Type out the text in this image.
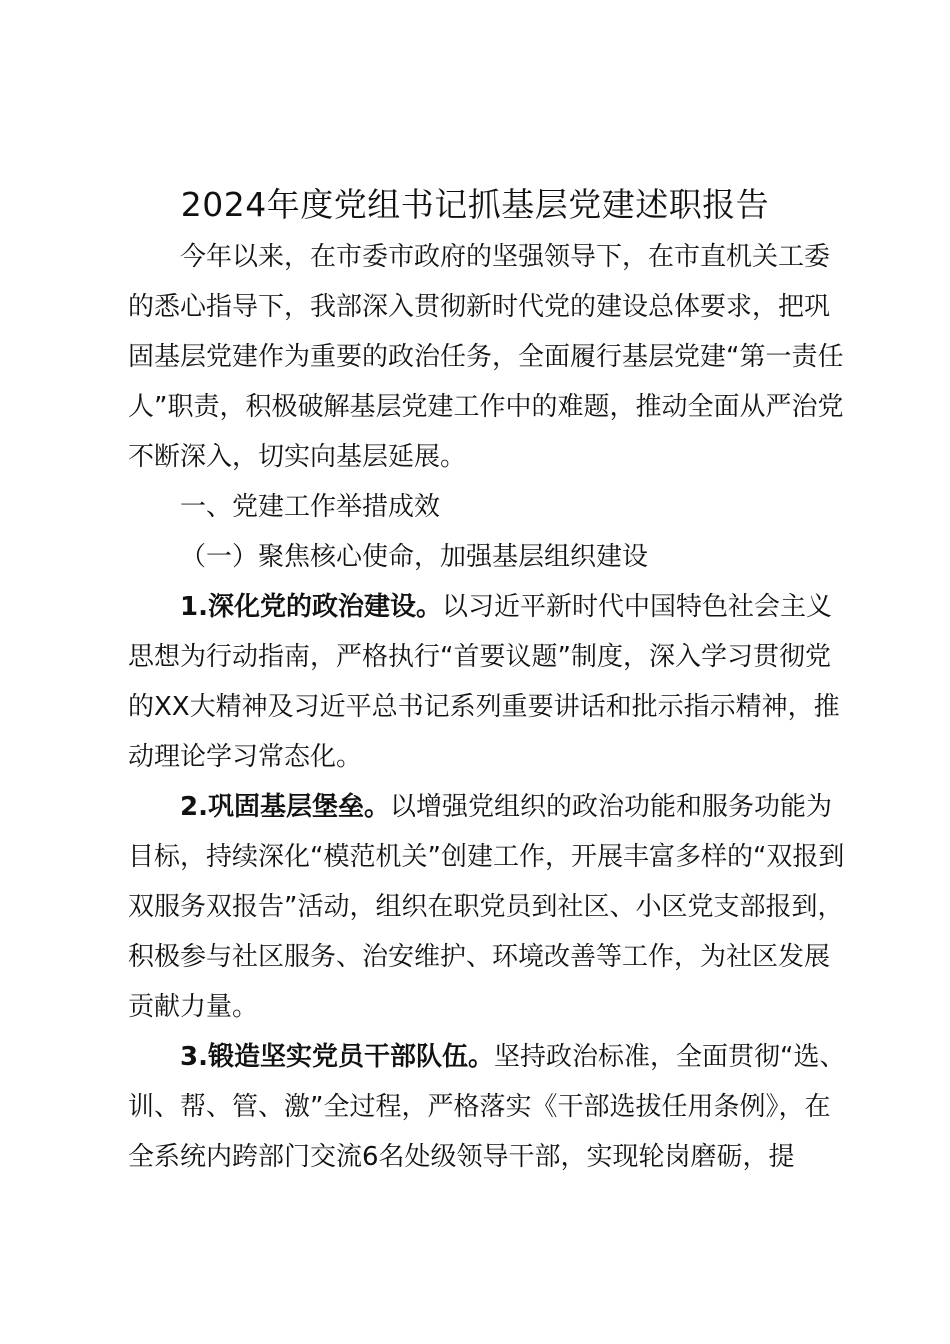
2024年度党组书记抓基层党建述职报告

今年以来，在市委市政府的坚强领导下，在市直机关工委的悉心指导下，我部深入贯彻新时代党的建设总体要求，把巩固基层党建作为重要的政治任务，全面履行基层党建“第一责任人”职责，积极破解基层党建工作中的难题，推动全面从严治党不断深入，切实向基层延展。

一、党建工作举措成效

（一）聚焦核心使命，加强基层组织建设

1.深化党的政治建设。以习近平新时代中国特色社会主义思想为行动指南，严格执行“首要议题”制度，深入学习贯彻党的XX大精神及习近平总书记系列重要讲话和批示指示精神，推动理论学习常态化。

2.巩固基层堡垒。以增强党组织的政治功能和服务功能为目标，持续深化“模范机关”创建工作，开展丰富多样的“双报到双服务双报告”活动，组织在职党员到社区、小区党支部报到，积极参与社区服务、治安维护、环境改善等工作，为社区发展贡献力量。

3.锻造坚实党员干部队伍。坚持政治标准，全面贯彻“选、训、帮、管、激”全过程，严格落实《干部选拔任用条例》，在全系统内跨部门交流6名处级领导干部，实现轮岗磨砺，提
